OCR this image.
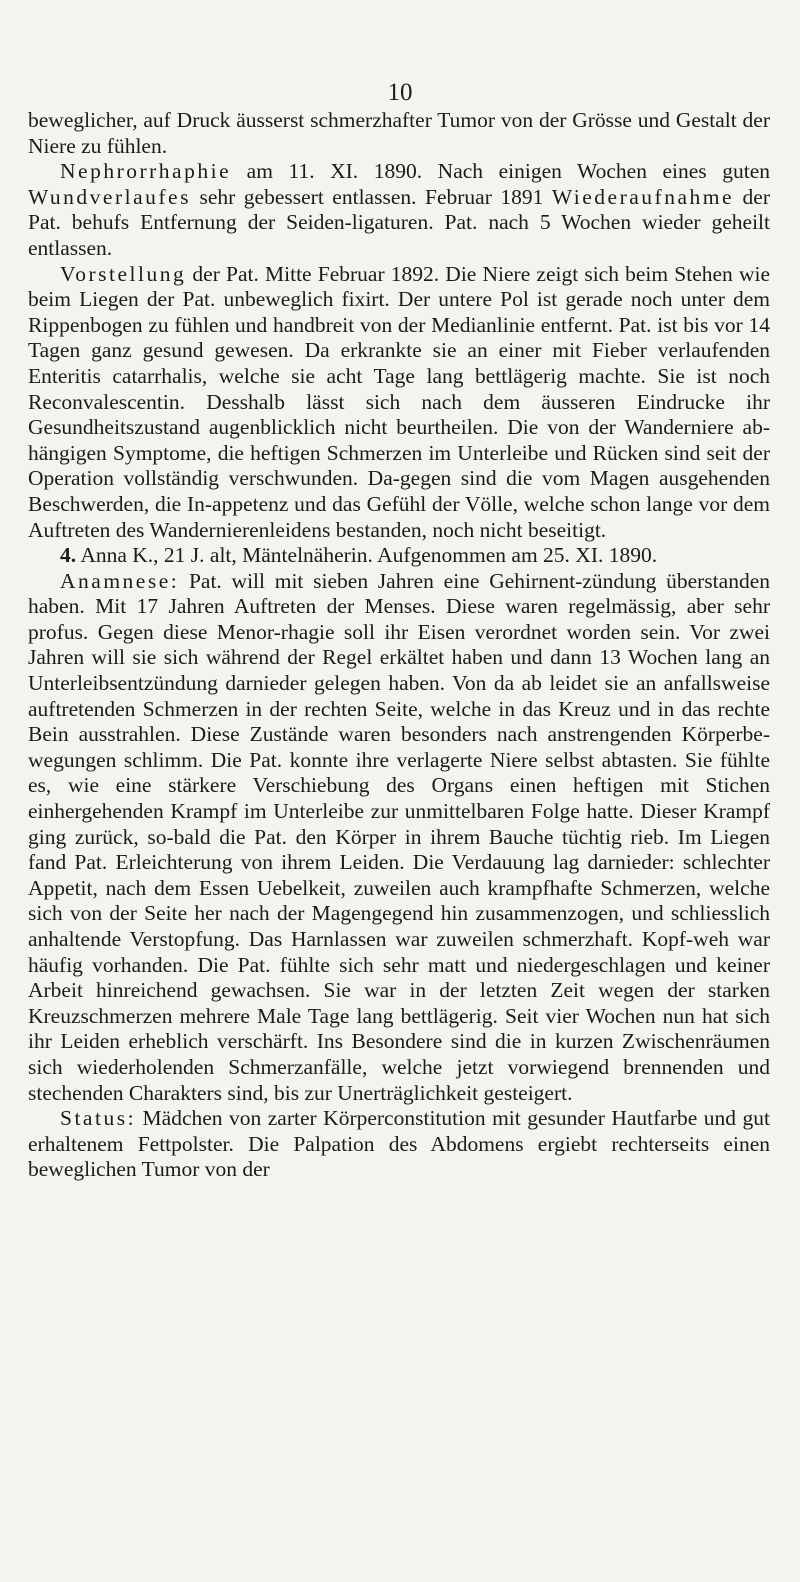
10

beweglicher, auf Druck äusserst schmerzhafter Tumor von der Grösse und Gestalt der Niere zu fühlen.

Nephrorrhaphie am 11. XI. 1890. Nach einigen Wochen eines guten Wundverlaufes sehr gebessert entlassen. Februar 1891 Wiederaufnahme der Pat. behufs Entfernung der Seiden-ligaturen. Pat. nach 5 Wochen wieder geheilt entlassen.

Vorstellung der Pat. Mitte Februar 1892. Die Niere zeigt sich beim Stehen wie beim Liegen der Pat. unbeweglich fixirt. Der untere Pol ist gerade noch unter dem Rippenbogen zu fühlen und handbreit von der Medianlinie entfernt. Pat. ist bis vor 14 Tagen ganz gesund gewesen. Da erkrankte sie an einer mit Fieber verlaufenden Enteritis catarrhalis, welche sie acht Tage lang bettlägerig machte. Sie ist noch Reconvalescentin. Desshalb lässt sich nach dem äusseren Eindrucke ihr Gesundheitszustand augenblicklich nicht beurtheilen. Die von der Wanderniere ab-hängigen Symptome, die heftigen Schmerzen im Unterleibe und Rücken sind seit der Operation vollständig verschwunden. Da-gegen sind die vom Magen ausgehenden Beschwerden, die In-appetenz und das Gefühl der Völle, welche schon lange vor dem Auftreten des Wandernierenleidens bestanden, noch nicht beseitigt.

4. Anna K., 21 J. alt, Mäntelnäherin. Aufgenommen am 25. XI. 1890.

Anamnese: Pat. will mit sieben Jahren eine Gehirnent-zündung überstanden haben. Mit 17 Jahren Auftreten der Menses. Diese waren regelmässig, aber sehr profus. Gegen diese Menor-rhagie soll ihr Eisen verordnet worden sein. Vor zwei Jahren will sie sich während der Regel erkältet haben und dann 13 Wochen lang an Unterleibsentzündung darnieder gelegen haben. Von da ab leidet sie an anfallsweise auftretenden Schmerzen in der rechten Seite, welche in das Kreuz und in das rechte Bein ausstrahlen. Diese Zustände waren besonders nach anstrengenden Körperbe-wegungen schlimm. Die Pat. konnte ihre verlagerte Niere selbst abtasten. Sie fühlte es, wie eine stärkere Verschiebung des Organs einen heftigen mit Stichen einhergehenden Krampf im Unterleibe zur unmittelbaren Folge hatte. Dieser Krampf ging zurück, so-bald die Pat. den Körper in ihrem Bauche tüchtig rieb. Im Liegen fand Pat. Erleichterung von ihrem Leiden. Die Verdauung lag darnieder: schlechter Appetit, nach dem Essen Uebelkeit, zuweilen auch krampfhafte Schmerzen, welche sich von der Seite her nach der Magengegend hin zusammenzogen, und schliesslich anhaltende Verstopfung. Das Harnlassen war zuweilen schmerzhaft. Kopf-weh war häufig vorhanden. Die Pat. fühlte sich sehr matt und niedergeschlagen und keiner Arbeit hinreichend gewachsen. Sie war in der letzten Zeit wegen der starken Kreuzschmerzen mehrere Male Tage lang bettlägerig. Seit vier Wochen nun hat sich ihr Leiden erheblich verschärft. Ins Besondere sind die in kurzen Zwischenräumen sich wiederholenden Schmerzanfälle, welche jetzt vorwiegend brennenden und stechenden Charakters sind, bis zur Unerträglichkeit gesteigert.

Status: Mädchen von zarter Körperconstitution mit gesunder Hautfarbe und gut erhaltenem Fettpolster. Die Palpation des Abdomens ergiebt rechterseits einen beweglichen Tumor von der
